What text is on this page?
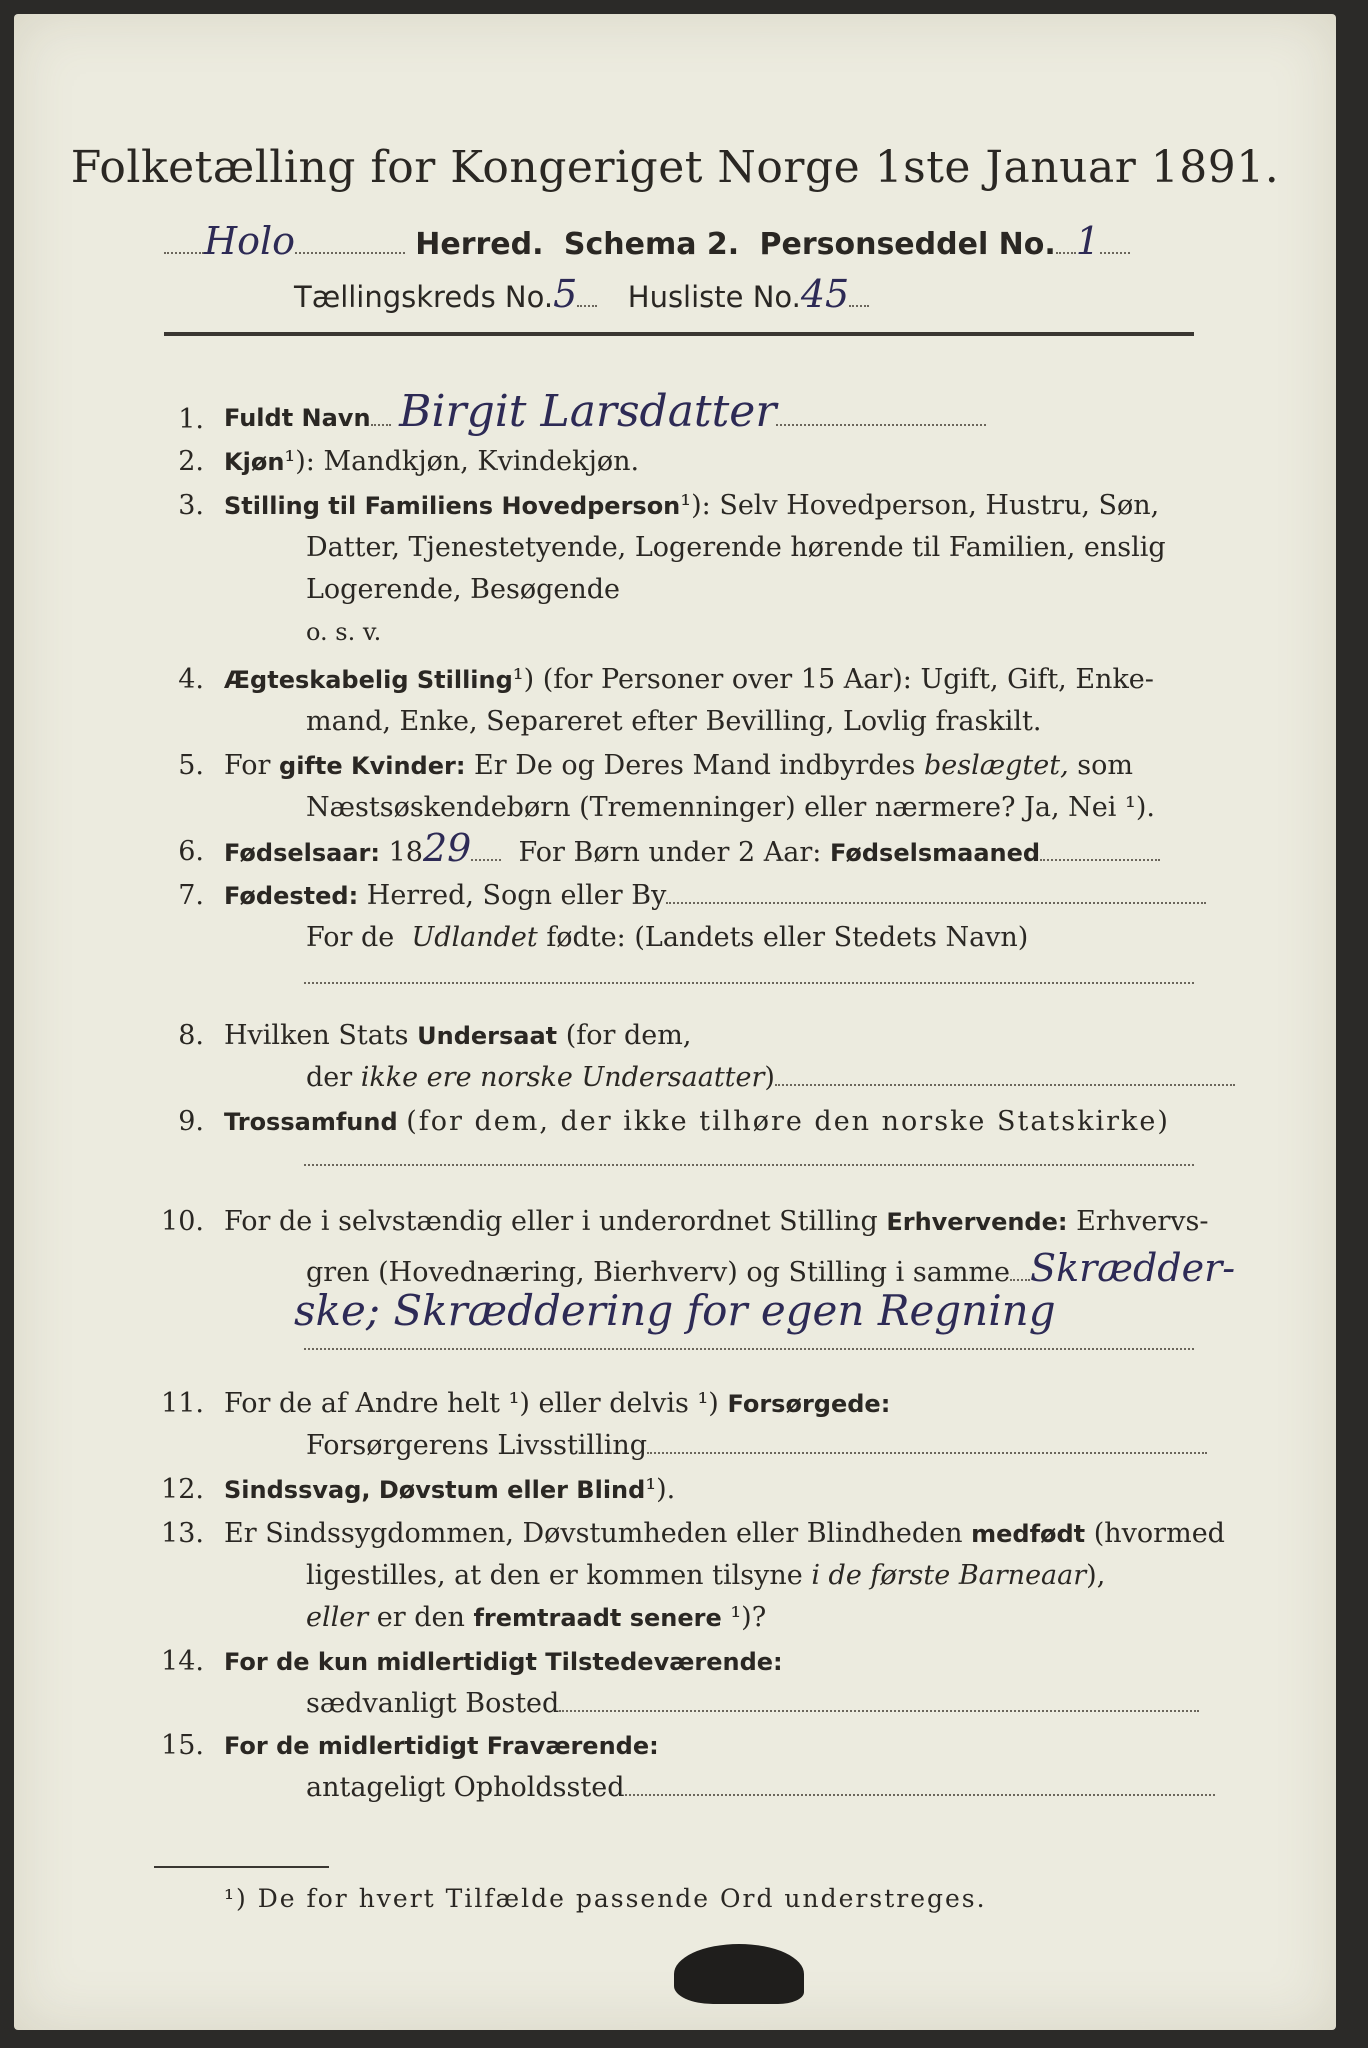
Folketælling for Kongeriget Norge 1ste Januar 1891.
Holo	Herred. Schema 2. Personseddel No. 1
Tællingskreds No.5 Husliste No.45
1. Fuldt Navn Birgit Larsdatter
2. Kjøn¹): Mandkjøn, Kvindekjøn.
3. Stilling til Familiens Hovedperson¹): Selv Hovedperson, Hustru, Søn,
Datter, Tjenestetyende, Logerende hørende til Familien, enslig
Logerende, Besøgende
o. s. v.
4. Ægteskabelig Stilling¹) (for Personer over 15 Aar): Ugift, Gift, Enke-
mand, Enke, Separeret efter Bevilling, Lovlig fraskilt.
5. For gifte Kvinder: Er De og Deres Mand indbyrdes beslægtet, som
Næstsøskendebørn (Tremenninger) eller nærmere? Ja, Nei ¹).
6. Fødselsaar: 1829 For Børn under 2 Aar: Fødselsmaaned
7. Fødested: Herred, Sogn eller By
For de Udlandet fødte: (Landets eller Stedets Navn)
8. Hvilken Stats Undersaat (for dem,
der ikke ere norske Undersaatter)
9. Trossamfund (for dem, der ikke tilhøre den norske Statskirke)
10. For de i selvstændig eller i underordnet Stilling Erhvervende: Erhvervs-
gren (Hovednæring, Bierhverv) og Stilling i samme Skrædder-
ske; Skræddering for egen Regning
11. For de af Andre helt ¹) eller delvis ¹) Forsørgede:
Forsørgerens Livsstilling
12. Sindssvag, Døvstum eller Blind¹).
13. Er Sindssygdommen, Døvstumheden eller Blindheden medfødt (hvormed
ligestilles, at den er kommen tilsyne i de første Barneaar),
eller er den fremtraadt senere ¹)?
14. For de kun midlertidigt Tilstedeværende:
sædvanligt Bosted
15. For de midlertidigt Fraværende:
antageligt Opholdssted
¹) De for hvert Tilfælde passende Ord understreges.
